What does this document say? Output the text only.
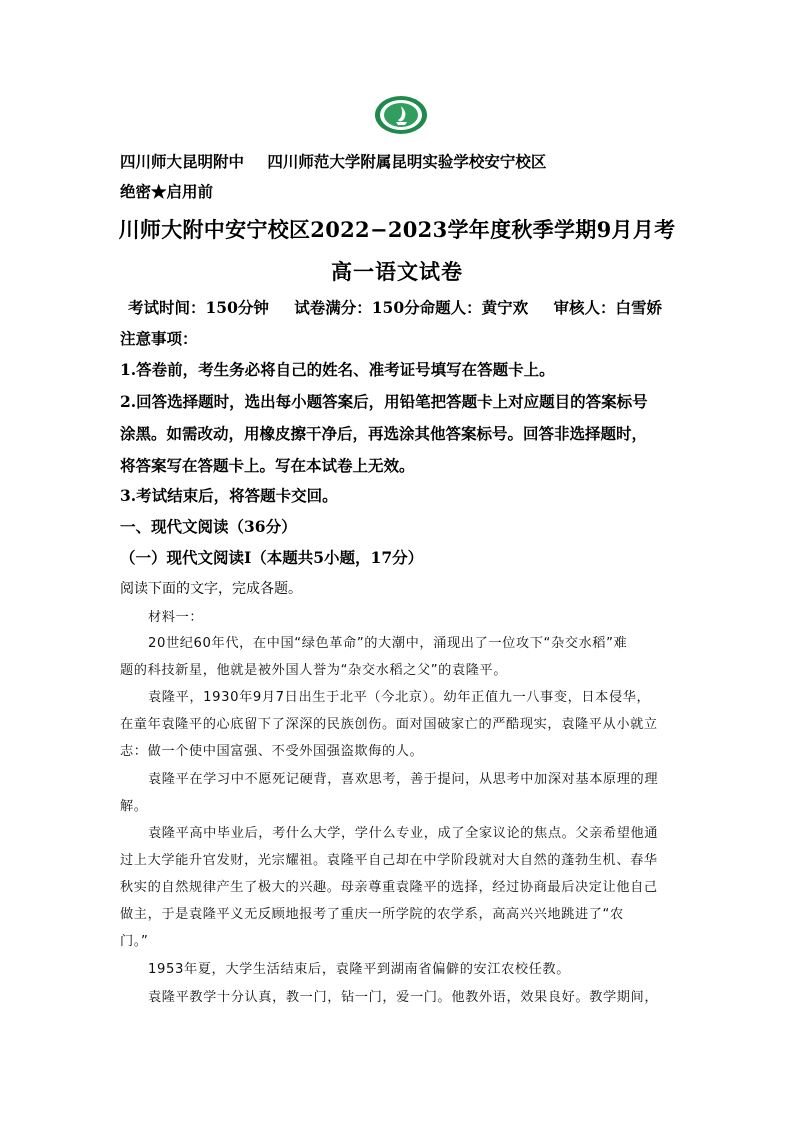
四川师大昆明附中 四川师范大学附属昆明实验学校安宁校区
绝密★启用前
川师大附中安宁校区2022−2023学年度秋季学期9月月考
高一语文试卷
考试时间：150分钟 试卷满分：150分命题人：黄宁欢 审核人：白雪娇
注意事项：
1.答卷前，考生务必将自己的姓名、准考证号填写在答题卡上。
2.回答选择题时，选出每小题答案后，用铅笔把答题卡上对应题目的答案标号
涂黑。如需改动，用橡皮擦干净后，再选涂其他答案标号。回答非选择题时，
将答案写在答题卡上。写在本试卷上无效。
3.考试结束后，将答题卡交回。
一、现代文阅读（36分）
（一）现代文阅读Ⅰ（本题共5小题，17分）
阅读下面的文字，完成各题。
材料一：
20世纪60年代，在中国“绿色革命”的大潮中，涌现出了一位攻下“杂交水稻”难
题的科技新星，他就是被外国人誉为“杂交水稻之父”的袁隆平。
袁隆平，1930年9月7日出生于北平（今北京）。幼年正值九一八事变，日本侵华，
在童年袁隆平的心底留下了深深的民族创伤。面对国破家亡的严酷现实，袁隆平从小就立
志：做一个使中国富强、不受外国强盗欺侮的人。
袁隆平在学习中不愿死记硬背，喜欢思考，善于提问，从思考中加深对基本原理的理
解。
袁隆平高中毕业后，考什么大学，学什么专业，成了全家议论的焦点。父亲希望他通
过上大学能升官发财，光宗耀祖。袁隆平自己却在中学阶段就对大自然的蓬勃生机、春华
秋实的自然规律产生了极大的兴趣。母亲尊重袁隆平的选择，经过协商最后决定让他自己
做主，于是袁隆平义无反顾地报考了重庆一所学院的农学系，高高兴兴地跳进了“农
门。”
1953年夏，大学生活结束后，袁隆平到湖南省偏僻的安江农校任教。
袁隆平教学十分认真，教一门，钻一门，爱一门。他教外语，效果良好。教学期间，
